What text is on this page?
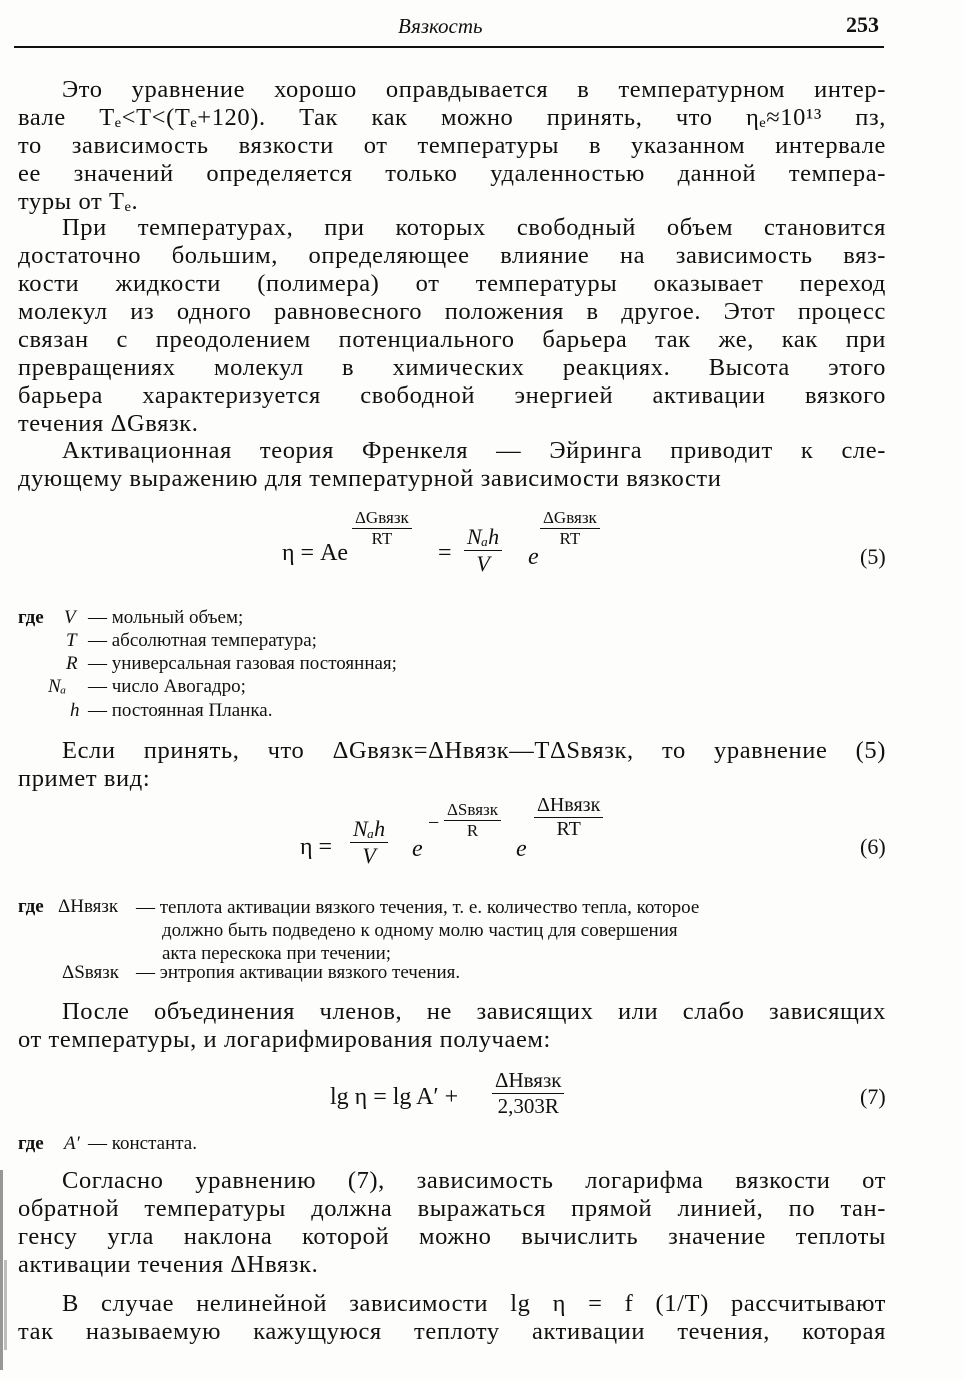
Вязкость	253
Это уравнение хорошо оправдывается в температурном интер-
вале Tₑ<T<(Tₑ+120). Так как можно принять, что ηₑ≈10¹³ пз,
то зависимость вязкости от температуры в указанном интервале
ее значений определяется только удаленностью данной темпера-
туры от Tₑ.
При температурах, при которых свободный объем становится
достаточно большим, определяющее влияние на зависимость вяз-
кости жидкости (полимера) от температуры оказывает переход
молекул из одного равновесного положения в другое. Этот процесс
связан с преодолением потенциального барьера так же, как при
превращениях молекул в химических реакциях. Высота этого
барьера характеризуется свободной энергией активации вязкого
течения ΔGвязк.
Активационная теория Френкеля — Эйринга приводит к сле-
дующему выражению для температурной зависимости вязкости
η = Ae
ΔGвязк
RT
=
Nₐh
V	e
ΔGвязк
RT
(5)
где V — мольный объем;
T — абсолютная температура;
R — универсальная газовая постоянная;
Nₐ — число Авогадро;
h — постоянная Планка.
Если принять, что ΔGвязк=ΔHвязк—TΔSвязк, то уравнение (5)
примет вид:
η =
Nₐh
V	e
−
ΔSвязк
R
e
ΔHвязк
RT
(6)
где ΔHвязк — теплота активации вязкого течения, т. е. количество тепла, которое
должно быть подведено к одному молю частиц для совершения
акта перескока при течении;
ΔSвязк — энтропия активации вязкого течения.
После объединения членов, не зависящих или слабо зависящих
от температуры, и логарифмирования получаем:
lg η = lg A′ +
ΔHвязк
2,303R	(7)
где A′ — константа.
Согласно уравнению (7), зависимость логарифма вязкости от
обратной температуры должна выражаться прямой линией, по тан-
генсу угла наклона которой можно вычислить значение теплоты
активации течения ΔHвязк.
В случае нелинейной зависимости lg η = f (1/T) рассчитывают
так называемую кажущуюся теплоту активации течения, которая
